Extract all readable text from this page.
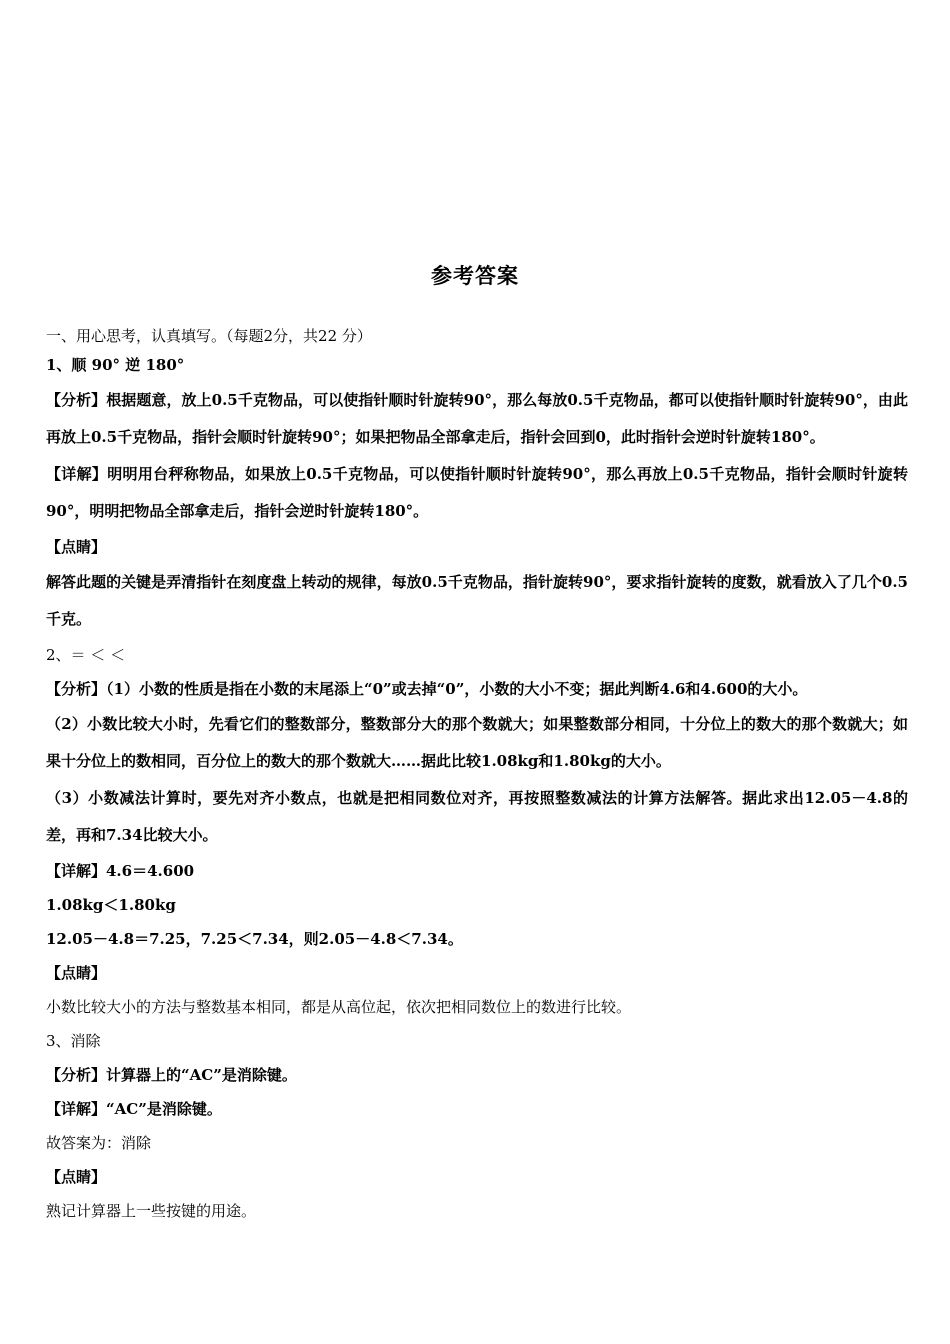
参考答案
一、用心思考，认真填写。（每题2分，共22 分）
1、顺 90° 逆 180°
【分析】根据题意，放上0.5千克物品，可以使指针顺时针旋转90°，那么每放0.5千克物品，都可以使指针顺时针旋转90°，由此再放上0.5千克物品，指针会顺时针旋转90°；如果把物品全部拿走后，指针会回到0，此时指针会逆时针旋转180°。
【详解】明明用台秤称物品，如果放上0.5千克物品，可以使指针顺时针旋转90°，那么再放上0.5千克物品，指针会顺时针旋转90°，明明把物品全部拿走后，指针会逆时针旋转180°。
【点睛】
解答此题的关键是弄清指针在刻度盘上转动的规律，每放0.5千克物品，指针旋转90°，要求指针旋转的度数，就看放入了几个0.5千克。
2、＝ ＜ ＜
【分析】（1）小数的性质是指在小数的末尾添上“0”或去掉“0”，小数的大小不变；据此判断4.6和4.600的大小。
（2）小数比较大小时，先看它们的整数部分，整数部分大的那个数就大；如果整数部分相同，十分位上的数大的那个数就大；如果十分位上的数相同，百分位上的数大的那个数就大……据此比较1.08kg和1.80kg的大小。
（3）小数减法计算时，要先对齐小数点，也就是把相同数位对齐，再按照整数减法的计算方法解答。据此求出12.05－4.8的差，再和7.34比较大小。
【详解】4.6＝4.600
1.08kg＜1.80kg
12.05－4.8＝7.25，7.25＜7.34，则2.05－4.8＜7.34。
【点睛】
小数比较大小的方法与整数基本相同，都是从高位起，依次把相同数位上的数进行比较。
3、消除
【分析】计算器上的“AC”是消除键。
【详解】“AC”是消除键。
故答案为：消除
【点睛】
熟记计算器上一些按键的用途。
